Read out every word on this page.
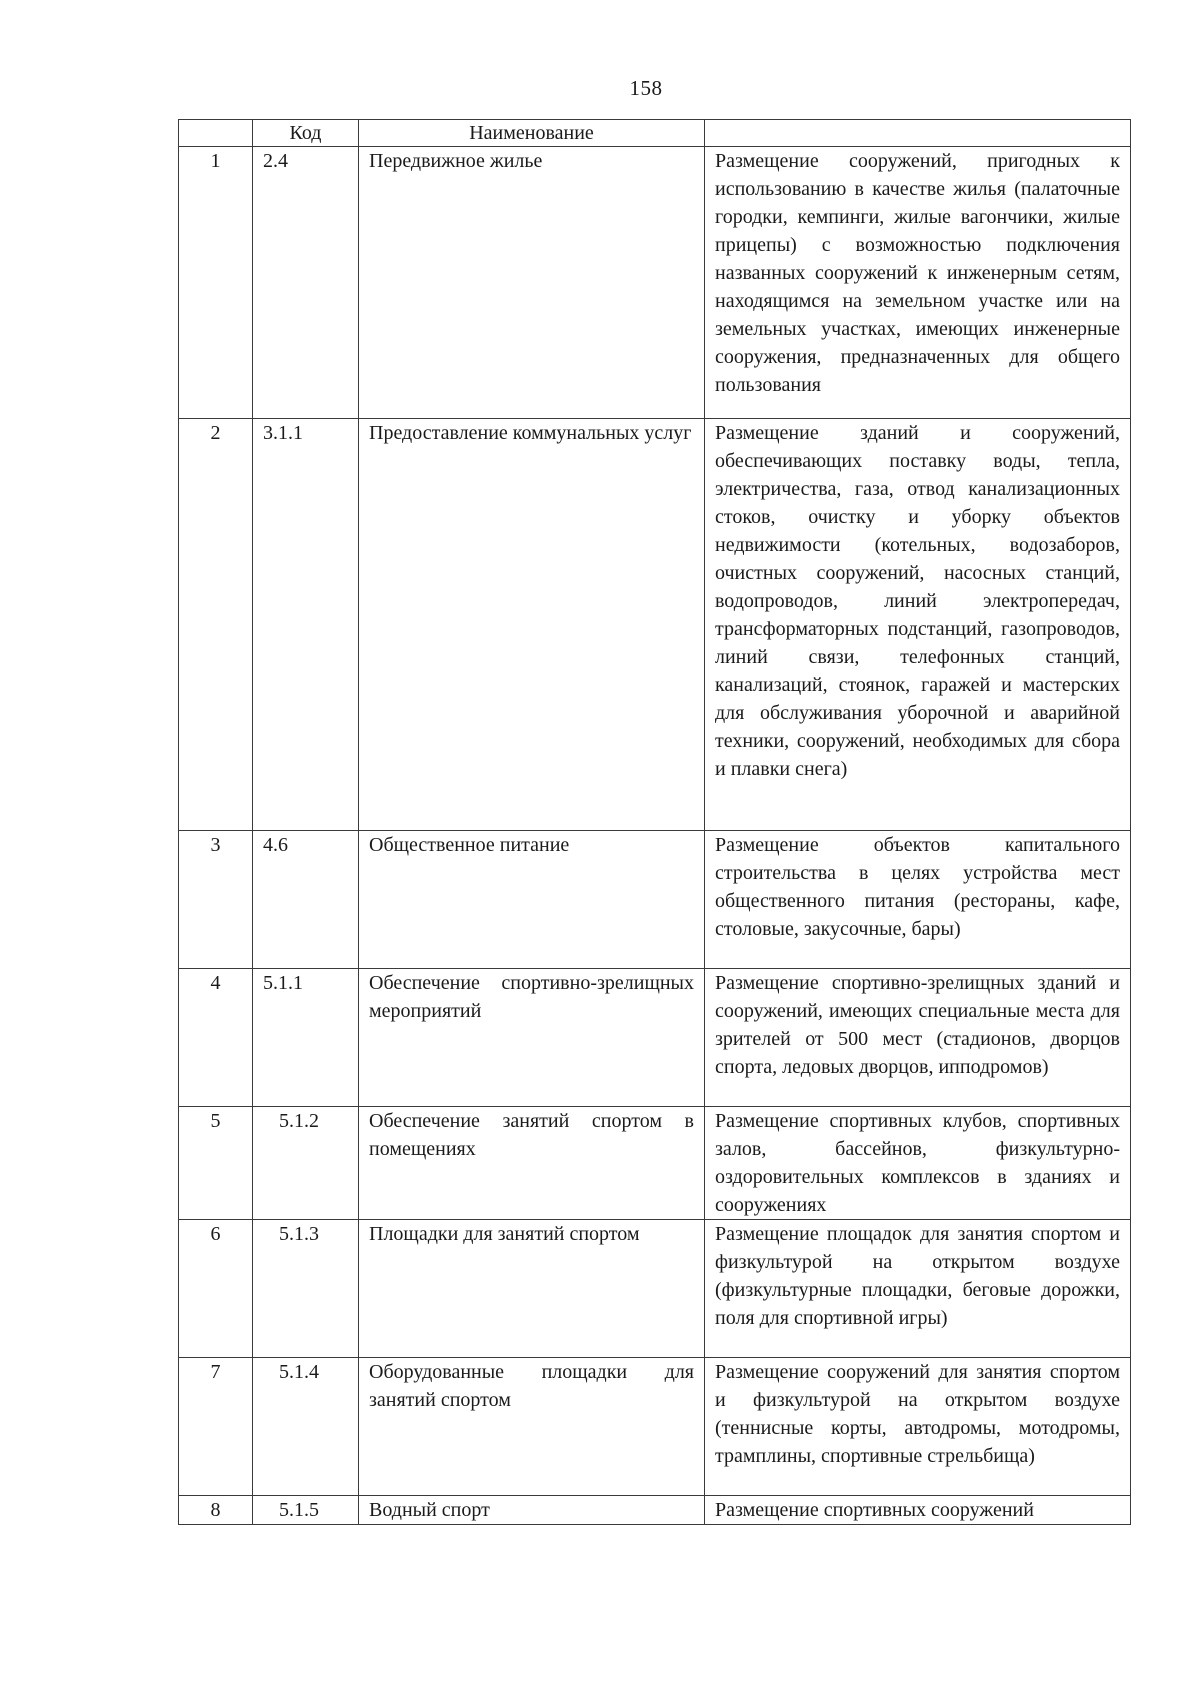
158
	Код	Наименование	
1	2.4	Передвижное жилье	Размещение сооружений, пригодных к использованию в качестве жилья (палаточные городки, кемпинги, жилые вагончики, жилые прицепы) с возможностью подключения названных сооружений к инженерным сетям, находящимся на земельном участке или на земельных участках, имеющих инженерные сооружения, предназначенных для общего пользования
2	3.1.1	Предоставление коммунальных услуг	Размещение зданий и сооружений, обеспечивающих поставку воды, тепла, электричества, газа, отвод канализационных стоков, очистку и уборку объектов недвижимости (котельных, водозаборов, очистных сооружений, насосных станций, водопроводов, линий электропередач, трансформаторных подстанций, газопроводов, линий связи, телефонных станций, канализаций, стоянок, гаражей и мастерских для обслуживания уборочной и аварийной техники, сооружений, необходимых для сбора и плавки снега)
3	4.6	Общественное питание	Размещение объектов капитального строительства в целях устройства мест общественного питания (рестораны, кафе, столовые, закусочные, бары)
4	5.1.1	Обеспечение спортивно-зрелищных мероприятий	Размещение спортивно-зрелищных зданий и сооружений, имеющих специальные места для зрителей от 500 мест (стадионов, дворцов спорта, ледовых дворцов, ипподромов)
5	5.1.2	Обеспечение занятий спортом в помещениях	Размещение спортивных клубов, спортивных залов, бассейнов, физкультурно-оздоровительных комплексов в зданиях и сооружениях
6	5.1.3	Площадки для занятий спортом	Размещение площадок для занятия спортом и физкультурой на открытом воздухе (физкультурные площадки, беговые дорожки, поля для спортивной игры)
7	5.1.4	Оборудованные площадки для занятий спортом	Размещение сооружений для занятия спортом и физкультурой на открытом воздухе (теннисные корты, автодромы, мотодромы, трамплины, спортивные стрельбища)
8	5.1.5	Водный спорт	Размещение спортивных сооружений
